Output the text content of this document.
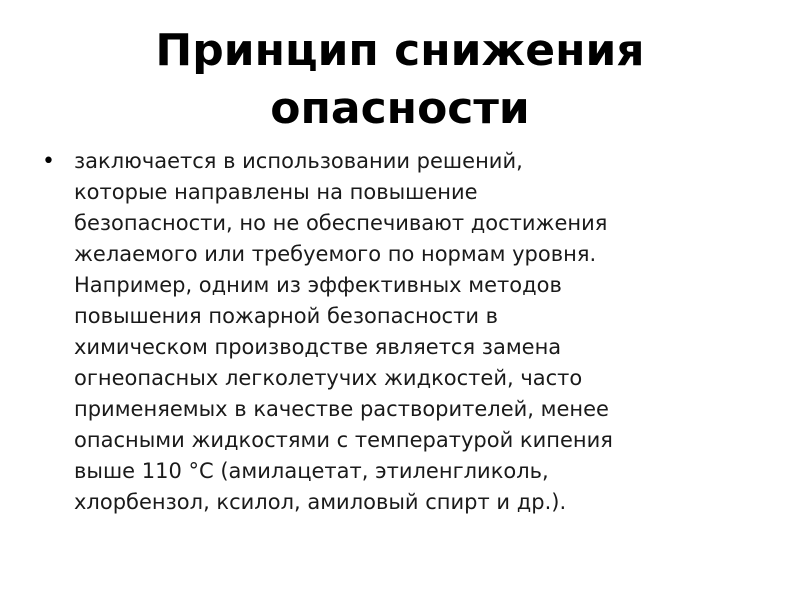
Принцип снижения
опасности
• заключается в использовании решений,
которые направлены на повышение
безопасности, но не обеспечивают достижения
желаемого или требуемого по нормам уровня.
Например, одним из эффективных методов
повышения пожарной безопасности в
химическом производстве является замена
огнеопасных легколетучих жидкостей, часто
применяемых в качестве растворителей, менее
опасными жидкостями с температурой кипения
выше 110 °С (амилацетат, этиленгликоль,
хлорбензол, ксилол, амиловый спирт и др.).
